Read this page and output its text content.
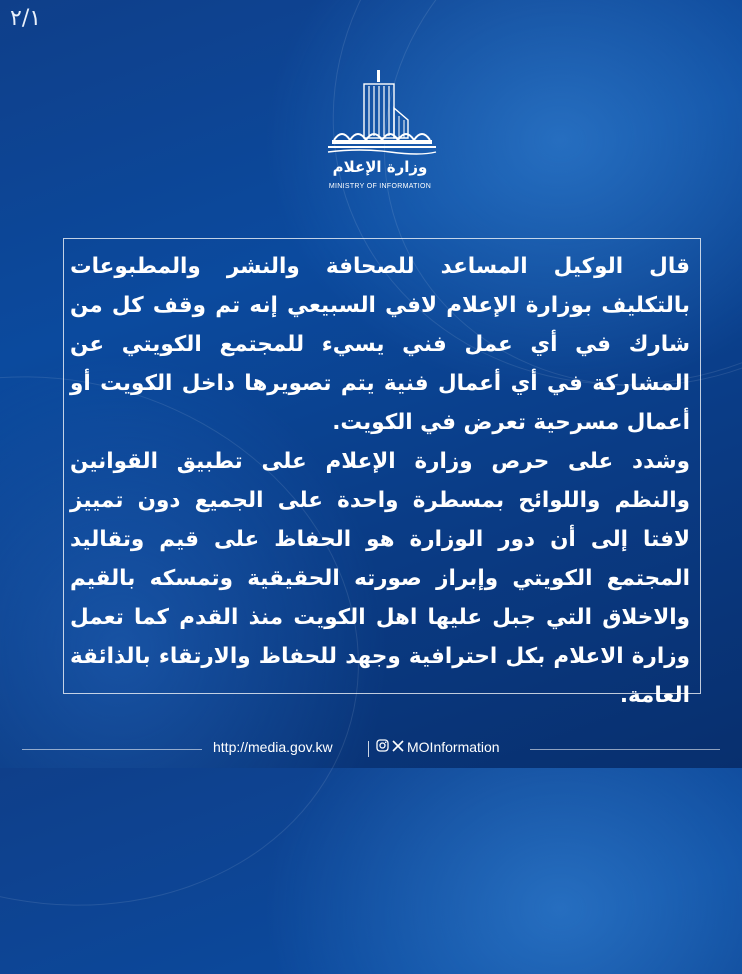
٢/١
وزارة الإعلام
MINISTRY OF INFORMATION

قال الوكيل المساعد للصحافة والنشر والمطبوعات بالتكليف بوزارة الإعلام لافي السبيعي إنه تم وقف كل من شارك في أي عمل فني يسيء للمجتمع الكويتي عن المشاركة في أي أعمال فنية يتم تصويرها داخل الكويت أو أعمال مسرحية تعرض في الكويت.

وشدد على حرص وزارة الإعلام على تطبيق القوانين والنظم واللوائح بمسطرة واحدة على الجميع دون تمييز لافتا إلى أن دور الوزارة هو الحفاظ على قيم وتقاليد المجتمع الكويتي وإبراز صورته الحقيقية وتمسكه بالقيم والاخلاق التي جبل عليها اهل الكويت منذ القدم كما تعمل وزارة الاعلام بكل احترافية وجهد للحفاظ والارتقاء بالذائقة العامة.

http://media.gov.kw	MOInformation
